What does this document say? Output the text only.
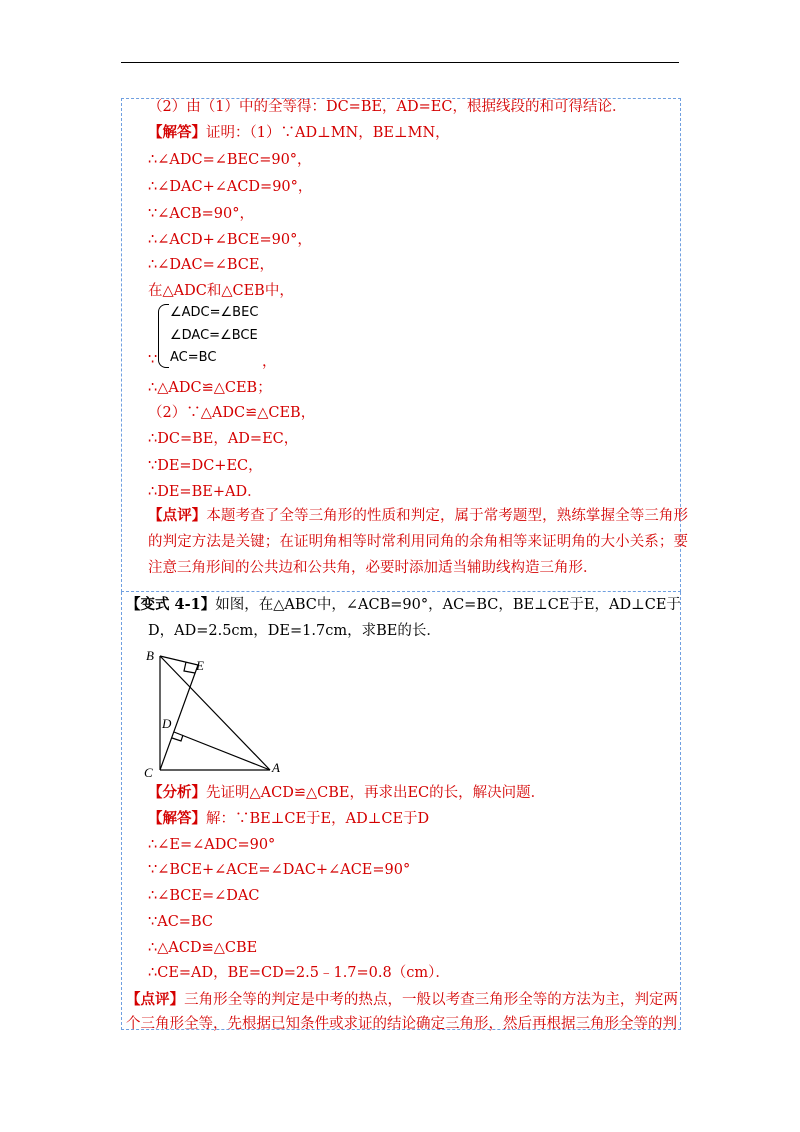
（2）由（1）中的全等得：DC=BE，AD=EC，根据线段的和可得结论．
【解答】证明：（1）∵AD⊥MN，BE⊥MN，
∴∠ADC=∠BEC=90°，
∴∠DAC+∠ACD=90°，
∵∠ACB=90°，
∴∠ACD+∠BCE=90°，
∴∠DAC=∠BCE，
在△ADC和△CEB中，
∠ADC=∠BEC
∠DAC=∠BCE
AC=BC
∵	，
∴△ADC≌△CEB；
（2）∵△ADC≌△CEB，
∴DC=BE，AD=EC，
∵DE=DC+EC，
∴DE=BE+AD．
【点评】本题考查了全等三角形的性质和判定，属于常考题型，熟练掌握全等三角形的判定方法是关键；在证明角相等时常利用同角的余角相等来证明角的大小关系；要注意三角形间的公共边和公共角，必要时添加适当辅助线构造三角形．
【变式 4-1】如图，在△ABC中，∠ACB=90°，AC=BC，BE⊥CE于E，AD⊥CE于
D，AD=2.5cm，DE=1.7cm，求BE的长．
B
E
D
C	A
【分析】先证明△ACD≌△CBE，再求出EC的长，解决问题．
【解答】解：∵BE⊥CE于E，AD⊥CE于D
∴∠E=∠ADC=90°
∵∠BCE+∠ACE=∠DAC+∠ACE=90°
∴∠BCE=∠DAC
∵AC=BC
∴△ACD≌△CBE
∴CE=AD，BE=CD=2.5﹣1.7=0.8（cm）．
【点评】三角形全等的判定是中考的热点，一般以考查三角形全等的方法为主，判定两个三角形全等，先根据已知条件或求证的结论确定三角形，然后再根据三角形全等的判
